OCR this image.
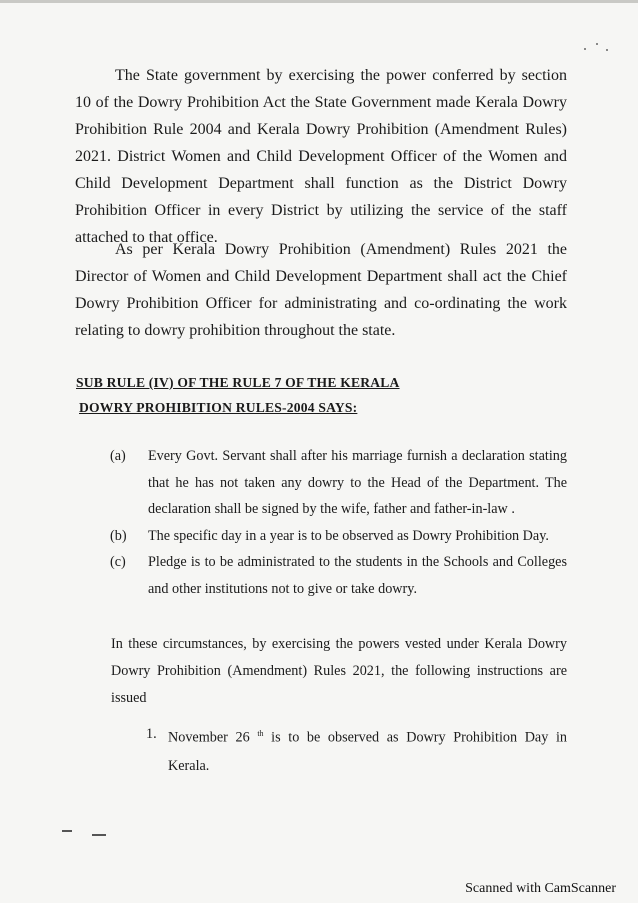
The State government by exercising the power conferred by section 10 of the Dowry Prohibition Act the State Government made Kerala Dowry Prohibition Rule 2004 and Kerala Dowry Prohibition (Amendment Rules) 2021. District Women and Child Development Officer of the Women and Child Development Department shall function as the District Dowry Prohibition Officer in every District by utilizing the service of the staff attached to that office.

As per Kerala Dowry Prohibition (Amendment) Rules 2021 the Director of Women and Child Development Department shall act the Chief Dowry Prohibition Officer for administrating and co-ordinating the work relating to dowry prohibition throughout the state.

SUB RULE (IV) OF THE RULE 7 OF THE KERALA
DOWRY PROHIBITION RULES-2004 SAYS:
(a)	Every Govt. Servant shall after his marriage furnish a declaration stating that he has not taken any dowry to the Head of the Department. The declaration shall be signed by the wife, father and father-in-law .
(b)	The specific day in a year is to be observed as Dowry Prohibition Day.
(c)	Pledge is to be administrated to the students in the Schools and Colleges and other institutions not to give or take dowry.

In these circumstances, by exercising the powers vested under Kerala Dowry Dowry Prohibition (Amendment) Rules 2021, the following instructions are issued

1. November 26 $^{th}$ is to be observed as Dowry Prohibition Day in Kerala.
Scanned with CamScanner
